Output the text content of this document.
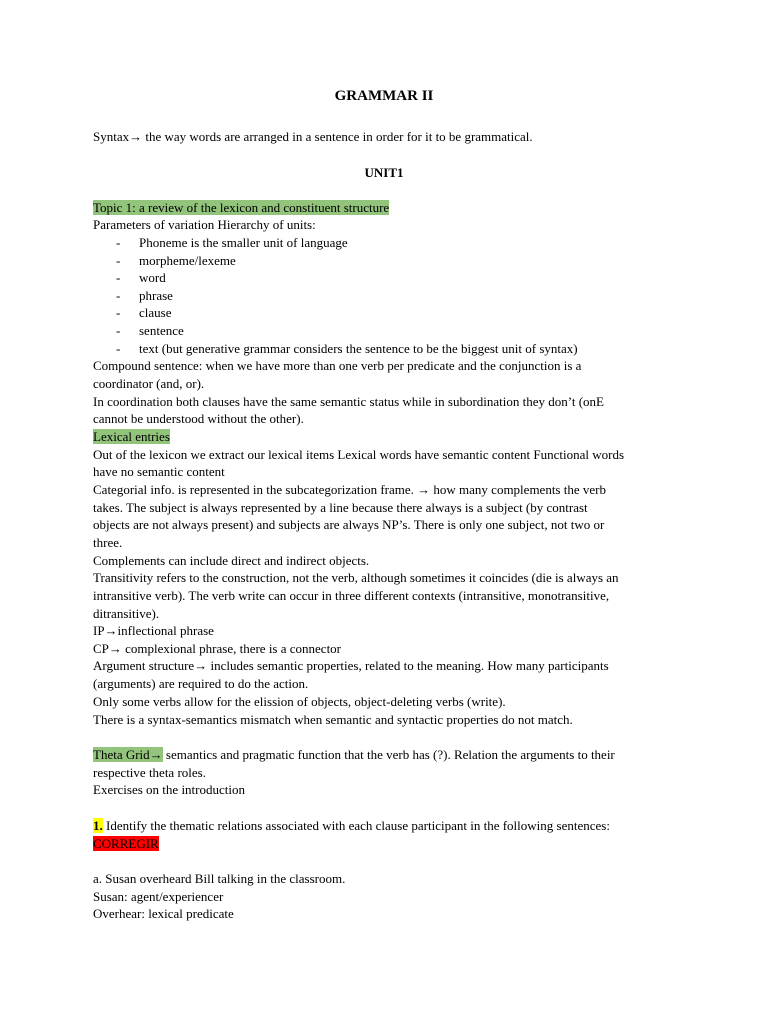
GRAMMAR II
Syntax→ the way words are arranged in a sentence in order for it to be grammatical.
UNIT1
Topic 1: a review of the lexicon and constituent structure
Parameters of variation Hierarchy of units:
- Phoneme is the smaller unit of language
- morpheme/lexeme
- word
- phrase
- clause
- sentence
- text (but generative grammar considers the sentence to be the biggest unit of syntax)
Compound sentence: when we have more than one verb per predicate and the conjunction is a
coordinator (and, or).
In coordination both clauses have the same semantic status while in subordination they don’t (onE
cannot be understood without the other).
Lexical entries
Out of the lexicon we extract our lexical items Lexical words have semantic content Functional words
have no semantic content
Categorial info. is represented in the subcategorization frame. → how many complements the verb
takes. The subject is always represented by a line because there always is a subject (by contrast
objects are not always present) and subjects are always NP’s. There is only one subject, not two or
three.
Complements can include direct and indirect objects.
Transitivity refers to the construction, not the verb, although sometimes it coincides (die is always an
intransitive verb). The verb write can occur in three different contexts (intransitive, monotransitive,
ditransitive).
IP→inflectional phrase
CP→ complexional phrase, there is a connector
Argument structure→ includes semantic properties, related to the meaning. How many participants
(arguments) are required to do the action.
Only some verbs allow for the elission of objects, object-deleting verbs (write).
There is a syntax-semantics mismatch when semantic and syntactic properties do not match.
Theta Grid→ semantics and pragmatic function that the verb has (?). Relation the arguments to their
respective theta roles.
Exercises on the introduction
1. Identify the thematic relations associated with each clause participant in the following sentences:
CORREGIR
a. Susan overheard Bill talking in the classroom.
Susan: agent/experiencer
Overhear: lexical predicate
